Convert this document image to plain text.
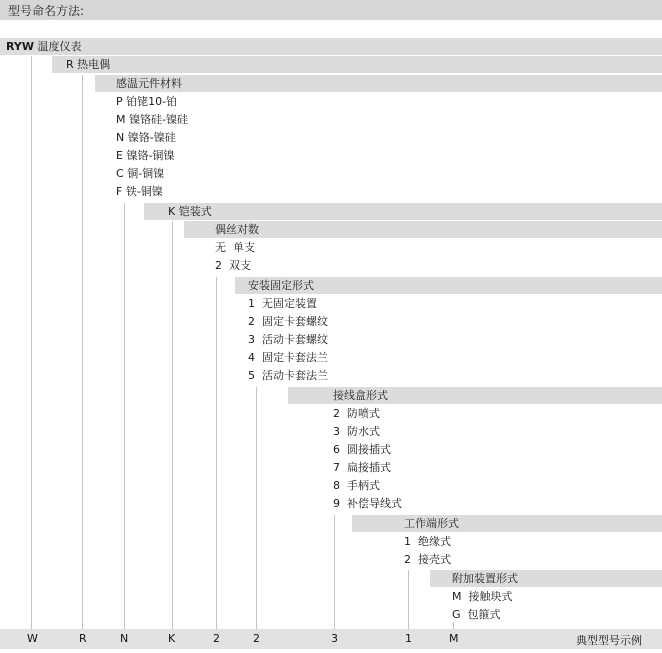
型号命名方法:
RYW 温度仪表
R 热电偶
感温元件材料
P 铂铑10-铂
M 镍铬硅-镍硅
N 镍铬-镍硅
E 镍铬-铜镍
C 铜-铜镍
F 铁-铜镍
K 铠装式
偶丝对数
无 单支
2 双支
安装固定形式
1 无固定装置
2 固定卡套螺纹
3 活动卡套螺纹
4 固定卡套法兰
5 活动卡套法兰
接线盒形式
2 防喷式
3 防水式
6 圆接插式
7 扁接插式
8 手柄式
9 补偿导线式
工作端形式
1 绝缘式
2 接壳式
附加装置形式
M 接触块式
G 包箍式
W	R	N	K	2	2	3	1	M	典型型号示例
